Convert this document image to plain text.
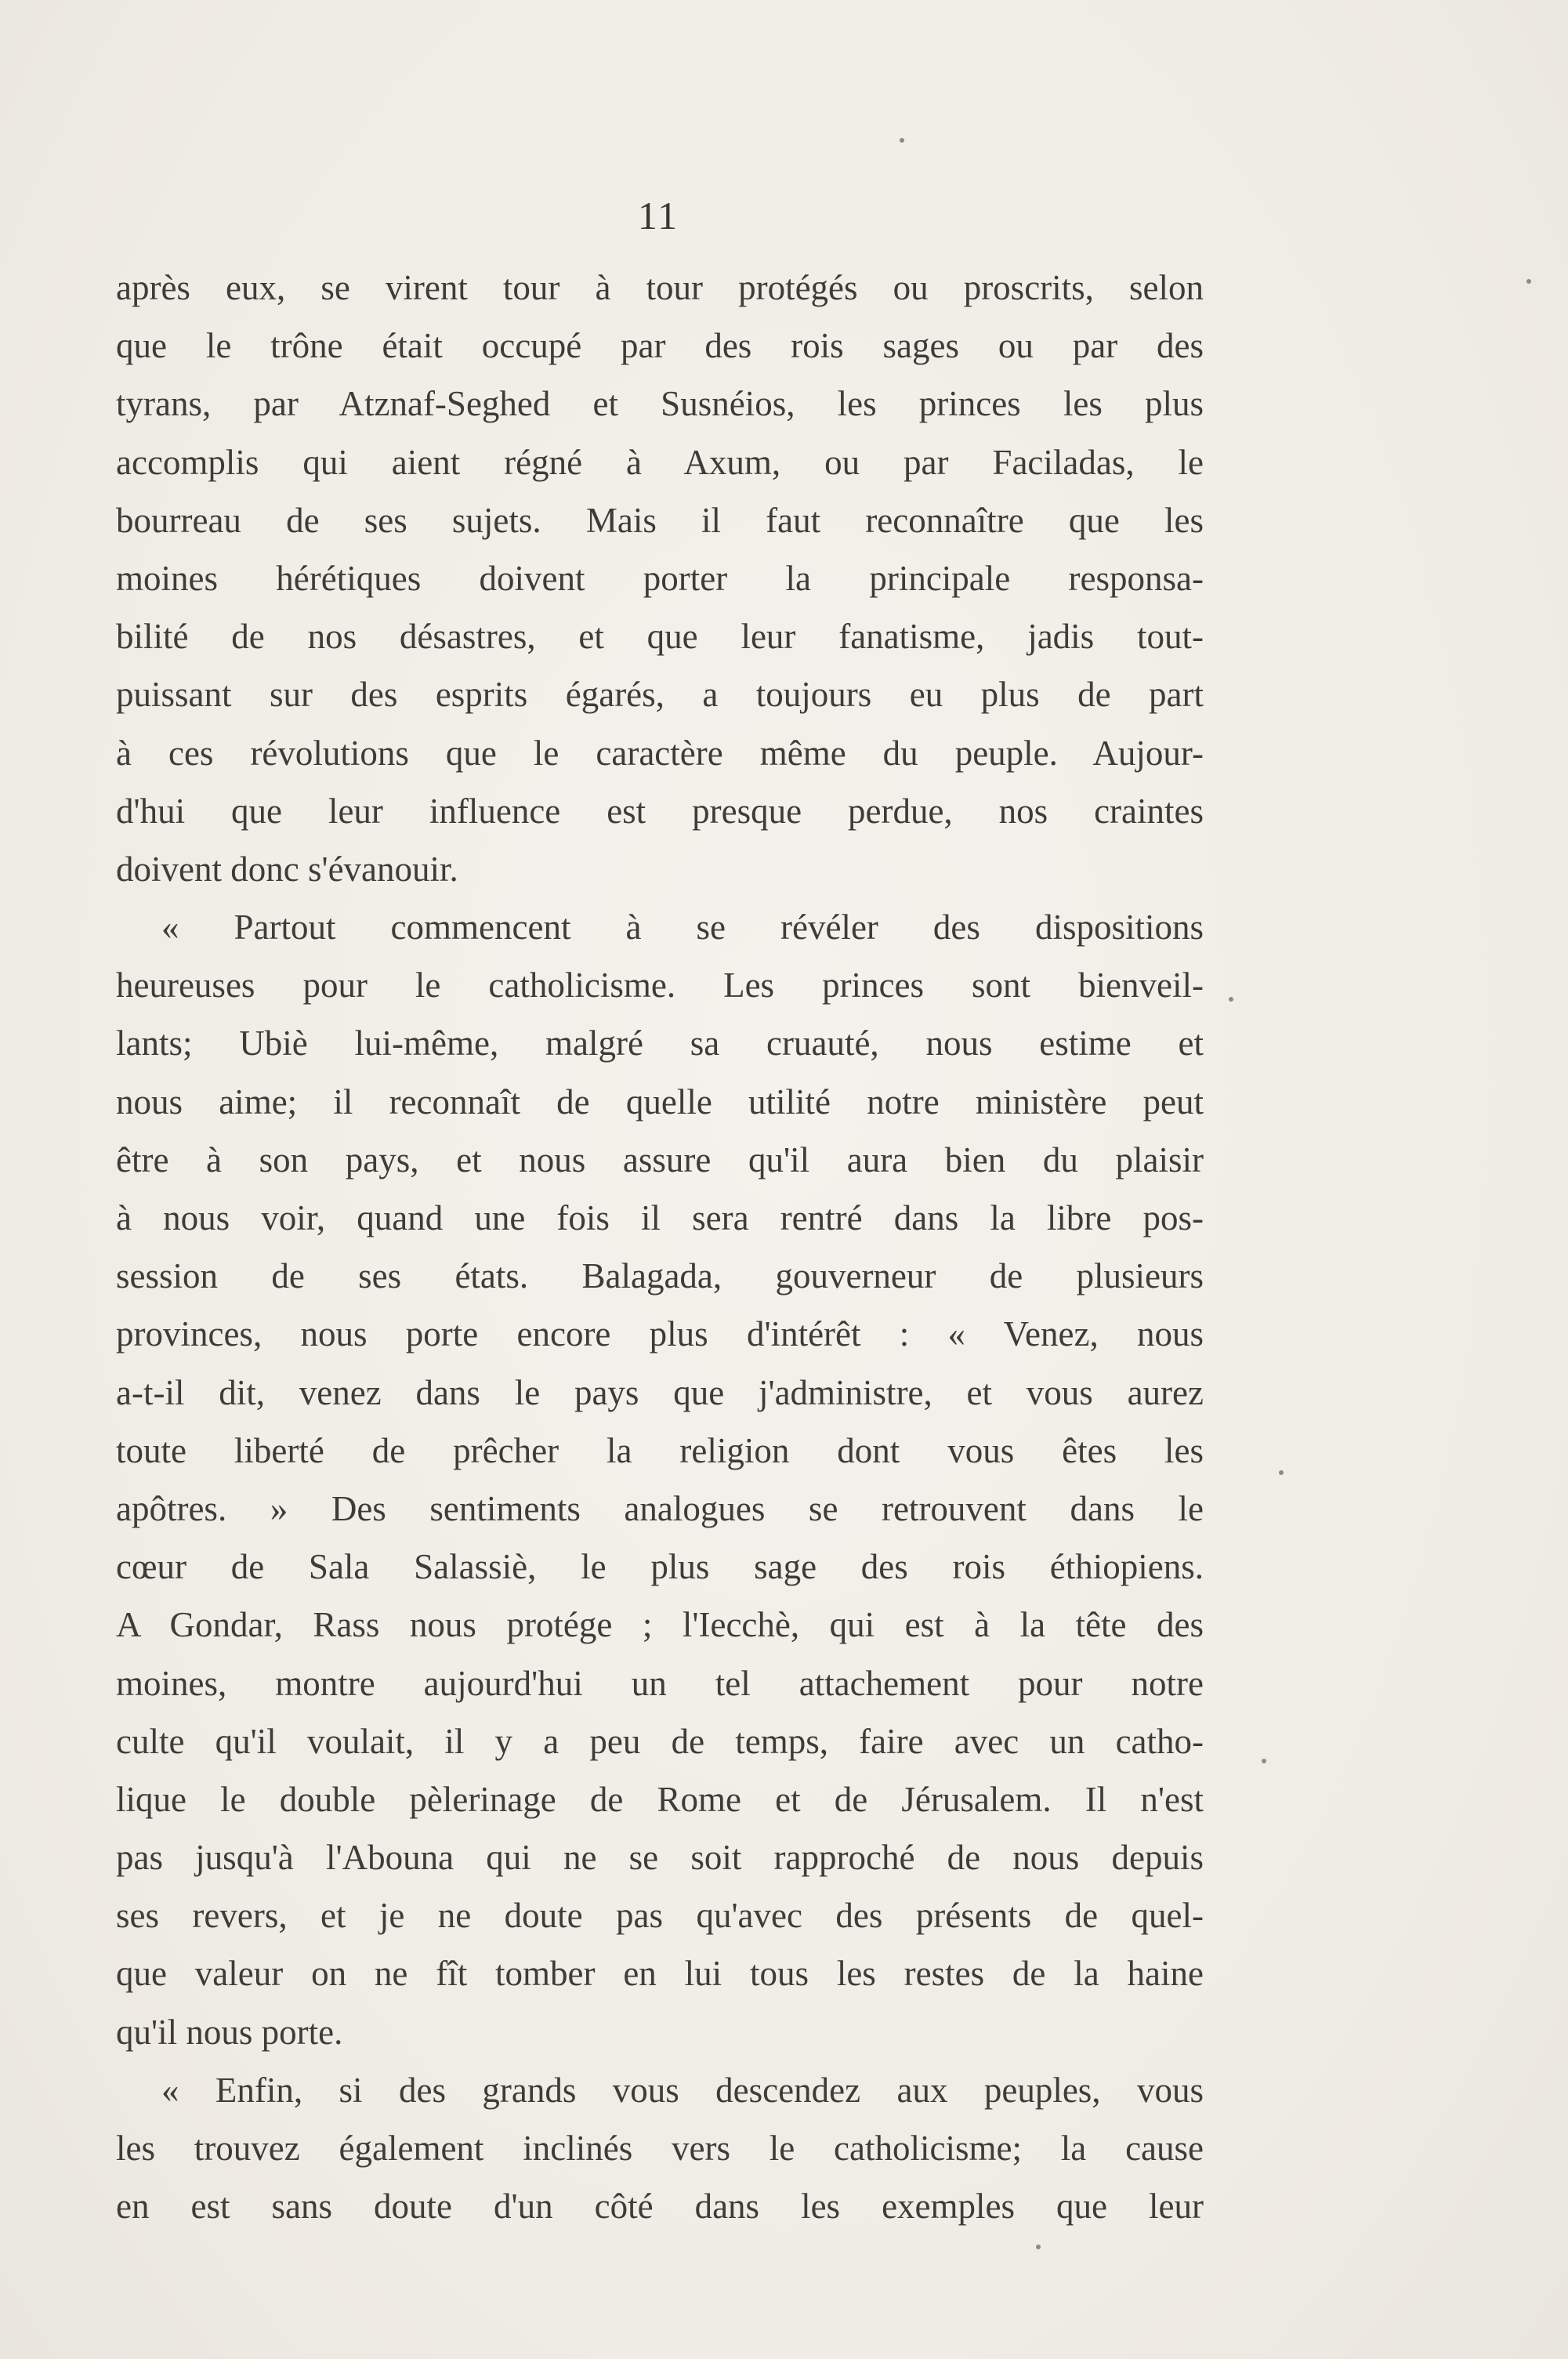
11
après eux, se virent tour à tour protégés ou proscrits, selon
que le trône était occupé par des rois sages ou par des
tyrans, par Atznaf-Seghed et Susnéios, les princes les plus
accomplis qui aient régné à Axum, ou par Faciladas, le
bourreau de ses sujets. Mais il faut reconnaître que les
moines hérétiques doivent porter la principale responsa-
bilité de nos désastres, et que leur fanatisme, jadis tout-
puissant sur des esprits égarés, a toujours eu plus de part
à ces révolutions que le caractère même du peuple. Aujour-
d'hui que leur influence est presque perdue, nos craintes
doivent donc s'évanouir.
« Partout commencent à se révéler des dispositions
heureuses pour le catholicisme. Les princes sont bienveil-
lants; Ubiè lui-même, malgré sa cruauté, nous estime et
nous aime; il reconnaît de quelle utilité notre ministère peut
être à son pays, et nous assure qu'il aura bien du plaisir
à nous voir, quand une fois il sera rentré dans la libre pos-
session de ses états. Balagada, gouverneur de plusieurs
provinces, nous porte encore plus d'intérêt : « Venez, nous
a-t-il dit, venez dans le pays que j'administre, et vous aurez
toute liberté de prêcher la religion dont vous êtes les
apôtres. » Des sentiments analogues se retrouvent dans le
cœur de Sala Salassiè, le plus sage des rois éthiopiens.
A Gondar, Rass nous protége ; l'Iecchè, qui est à la tête des
moines, montre aujourd'hui un tel attachement pour notre
culte qu'il voulait, il y a peu de temps, faire avec un catho-
lique le double pèlerinage de Rome et de Jérusalem. Il n'est
pas jusqu'à l'Abouna qui ne se soit rapproché de nous depuis
ses revers, et je ne doute pas qu'avec des présents de quel-
que valeur on ne fît tomber en lui tous les restes de la haine
qu'il nous porte.
« Enfin, si des grands vous descendez aux peuples, vous
les trouvez également inclinés vers le catholicisme; la cause
en est sans doute d'un côté dans les exemples que leur
